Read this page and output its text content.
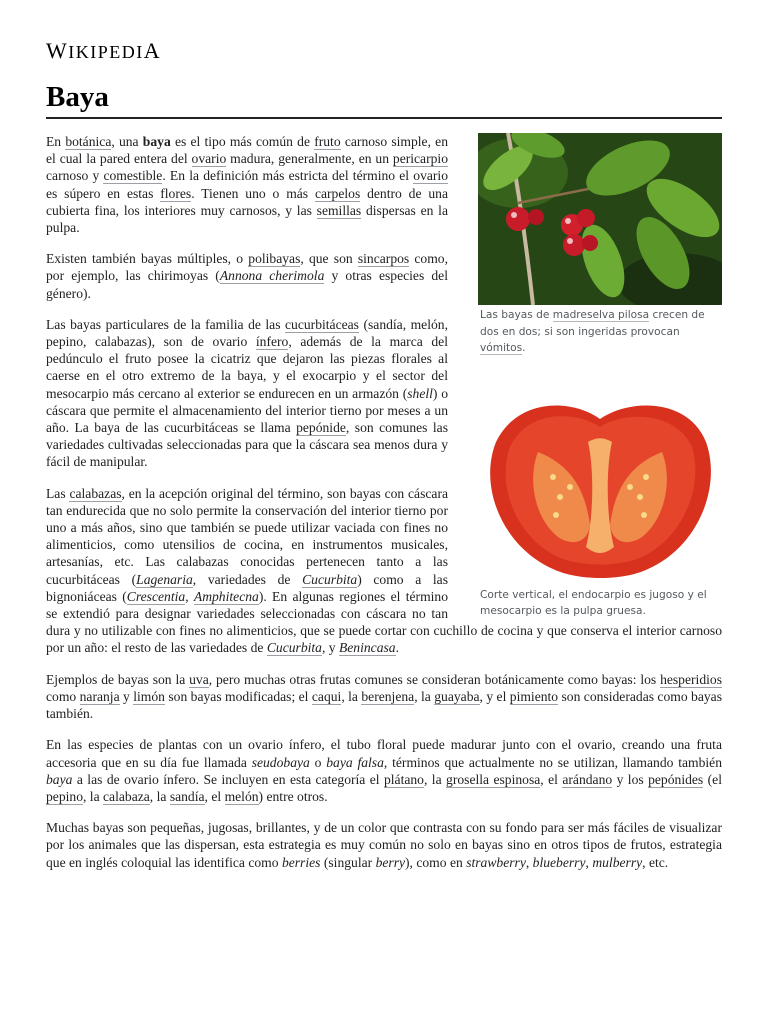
WIKIPEDIA
Baya
Las bayas de madreselva pilosa crecen de dos en dos; si son ingeridas provocan vómitos.
Corte vertical, el endocarpio es jugoso y el mesocarpio es la pulpa gruesa.

En botánica, una baya es el tipo más común de fruto carnoso simple, en el cual la pared entera del ovario madura, generalmente, en un pericarpio carnoso y comestible. En la definición más estricta del término el ovario es súpero en estas flores. Tienen uno o más carpelos dentro de una cubierta fina, los interiores muy carnosos, y las semillas dispersas en la pulpa.

Existen también bayas múltiples, o polibayas, que son sincarpos como, por ejemplo, las chirimoyas (Annona cherimola y otras especies del género).

Las bayas particulares de la familia de las cucurbitáceas (sandía, melón, pepino, calabazas), son de ovario ínfero, además de la marca del pedúnculo el fruto posee la cicatriz que dejaron las piezas florales al caerse en el otro extremo de la baya, y el exocarpio y el sector del mesocarpio más cercano al exterior se endurecen en un armazón (shell) o cáscara que permite el almacenamiento del interior tierno por meses a un año. La baya de las cucurbitáceas se llama pepónide, son comunes las variedades cultivadas seleccionadas para que la cáscara sea menos dura y fácil de manipular.

Las calabazas, en la acepción original del término, son bayas con cáscara tan endurecida que no solo permite la conservación del interior tierno por uno a más años, sino que también se puede utilizar vaciada con fines no alimenticios, como utensilios de cocina, en instrumentos musicales, artesanías, etc. Las calabazas conocidas pertenecen tanto a las cucurbitáceas (Lagenaria, variedades de Cucurbita) como a las bignoniáceas (Crescentia, Amphitecna). En algunas regiones el término se extendió para designar variedades seleccionadas con cáscara no tan dura y no utilizable con fines no alimenticios, que se puede cortar con cuchillo de cocina y que conserva el interior carnoso por un año: el resto de las variedades de Cucurbita, y Benincasa.

Ejemplos de bayas son la uva, pero muchas otras frutas comunes se consideran botánicamente como bayas: los hesperidios como naranja y limón son bayas modificadas; el caqui, la berenjena, la guayaba, y el pimiento son consideradas como bayas también.

En las especies de plantas con un ovario ínfero, el tubo floral puede madurar junto con el ovario, creando una fruta accesoria que en su día fue llamada seudobaya o baya falsa, términos que actualmente no se utilizan, llamando también baya a las de ovario ínfero. Se incluyen en esta categoría el plátano, la grosella espinosa, el arándano y los pepónides (el pepino, la calabaza, la sandía, el melón) entre otros.

Muchas bayas son pequeñas, jugosas, brillantes, y de un color que contrasta con su fondo para ser más fáciles de visualizar por los animales que las dispersan, esta estrategia es muy común no solo en bayas sino en otros tipos de frutos, estrategia que en inglés coloquial las identifica como berries (singular berry), como en strawberry, blueberry, mulberry, etc.
